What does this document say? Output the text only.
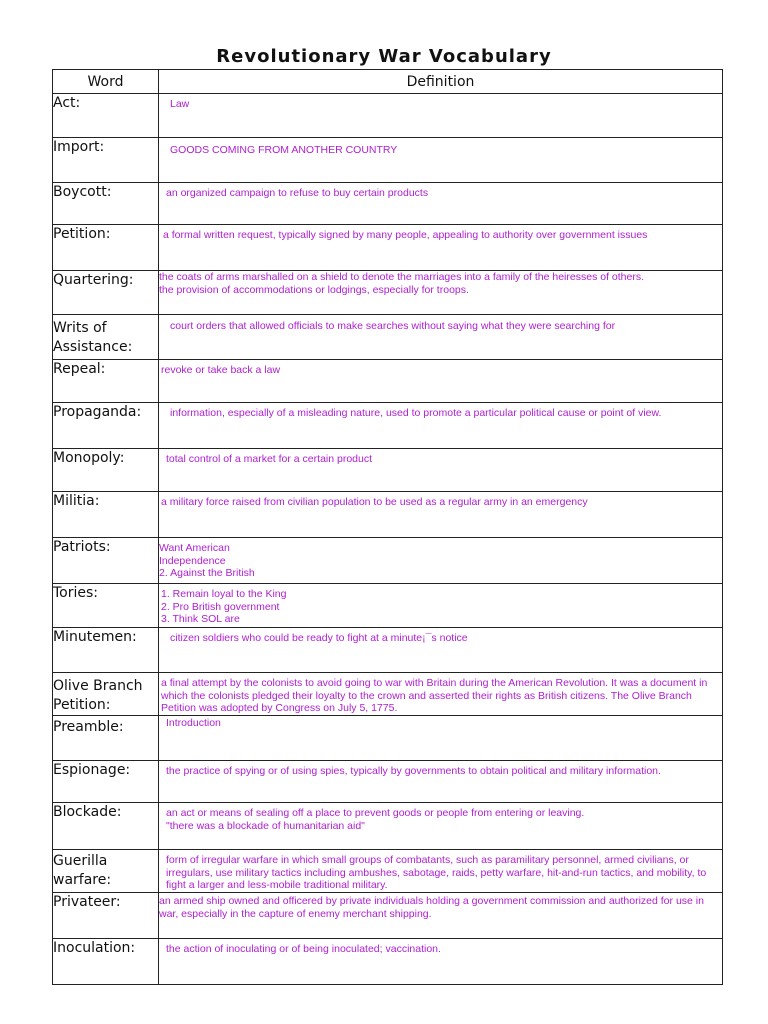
Revolutionary War Vocabulary
Word	Definition
Act:	Law

Import:	GOODS COMING FROM ANOTHER COUNTRY

Boycott:	an organized campaign to refuse to buy certain products

Petition:	a formal written request, typically signed by many people, appealing to authority over government issues

Quartering:	the coats of arms marshalled on a shield to denote the marriages into a family of the heiresses of others.
the provision of accommodations or lodgings, especially for troops.

Writs of Assistance:	court orders that allowed officials to make searches without saying what they were searching for

Repeal:	revoke or take back a law

Propaganda:	information, especially of a misleading nature, used to promote a particular political cause or point of view.

Monopoly:	total control of a market for a certain product

Militia:	a military force raised from civilian population to be used as a regular army in an emergency

Patriots:	Want American
Independence
2. Against the British

Tories:	1. Remain loyal to the King
2. Pro British government
3. Think SOL are

Minutemen:	citizen soldiers who could be ready to fight at a minute¡¯s notice

Olive Branch Petition:	a final attempt by the colonists to avoid going to war with Britain during the American Revolution. It was a document in which the colonists pledged their loyalty to the crown and asserted their rights as British citizens. The Olive Branch Petition was adopted by Congress on July 5, 1775.

Preamble:	Introduction

Espionage:	the practice of spying or of using spies, typically by governments to obtain political and military information.

Blockade:	an act or means of sealing off a place to prevent goods or people from entering or leaving.
"there was a blockade of humanitarian aid"

Guerilla warfare:	form of irregular warfare in which small groups of combatants, such as paramilitary personnel, armed civilians, or irregulars, use military tactics including ambushes, sabotage, raids, petty warfare, hit-and-run tactics, and mobility, to fight a larger and less-mobile traditional military.

Privateer:	an armed ship owned and officered by private individuals holding a government commission and authorized for use in war, especially in the capture of enemy merchant shipping.

Inoculation:	the action of inoculating or of being inoculated; vaccination.
